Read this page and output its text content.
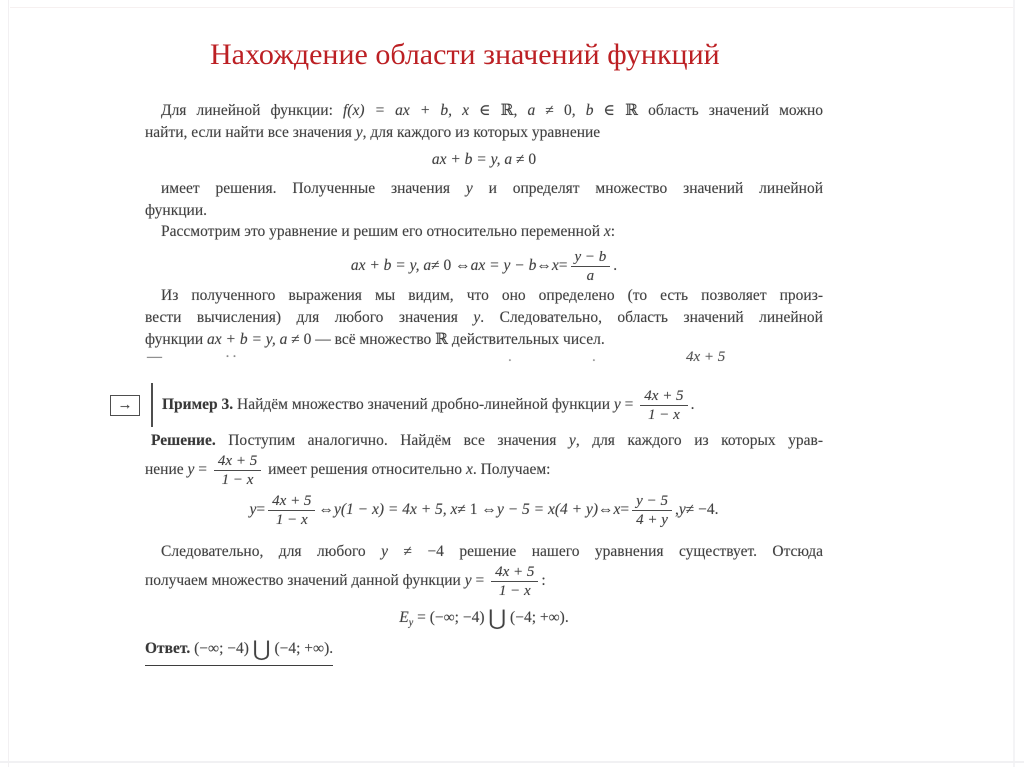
Нахождение области значений функций
Для линейной функции: f(x) = ax + b, x ∈ ℝ, a ≠ 0, b ∈ ℝ область значений можно
найти, если найти все значения y, для каждого из которых уравнение
ax + b = y, a ≠ 0
имеет решения. Полученные значения y и определят множество значений линейной
функции.
Рассмотрим это уравнение и решим его относительно переменной x:
ax + b = y, a ≠ 0 ⇔ ax = y − b ⇔ $x = \frac{y - b}{a}$ .
Из полученного выражения мы видим, что оно определено (то есть позволяет произ-
вести вычисления) для любого значения y. Следовательно, область значений линейной
функции ax + b = y, a ≠ 0 — всё множество ℝ действительных чисел.
—	··	.	.	4x + 5
→ Пример 3. Найдём множество значений дробно-линейной функции $y = \frac{4x + 5}{1 - x}$ .
Решение. Поступим аналогично. Найдём все значения y, для каждого из которых урав-
нение $y = \frac{4x + 5}{1 - x}$ имеет решения относительно x. Получаем:
$y = \frac{4x + 5}{1 - x}$ ⇔ y(1 − x) = 4x + 5, x ≠ 1 ⇔ y − 5 = x(4 + y) ⇔ $x = \frac{y - 5}{4 + y}$ , y ≠ −4.
Следовательно, для любого y ≠ −4 решение нашего уравнения существует. Отсюда
получаем множество значений данной функции $y = \frac{4x + 5}{1 - x}$ :
$E_y$ = (−∞; −4) ⋃ (−4; +∞).
Ответ. (−∞; −4) ⋃ (−4; +∞).
